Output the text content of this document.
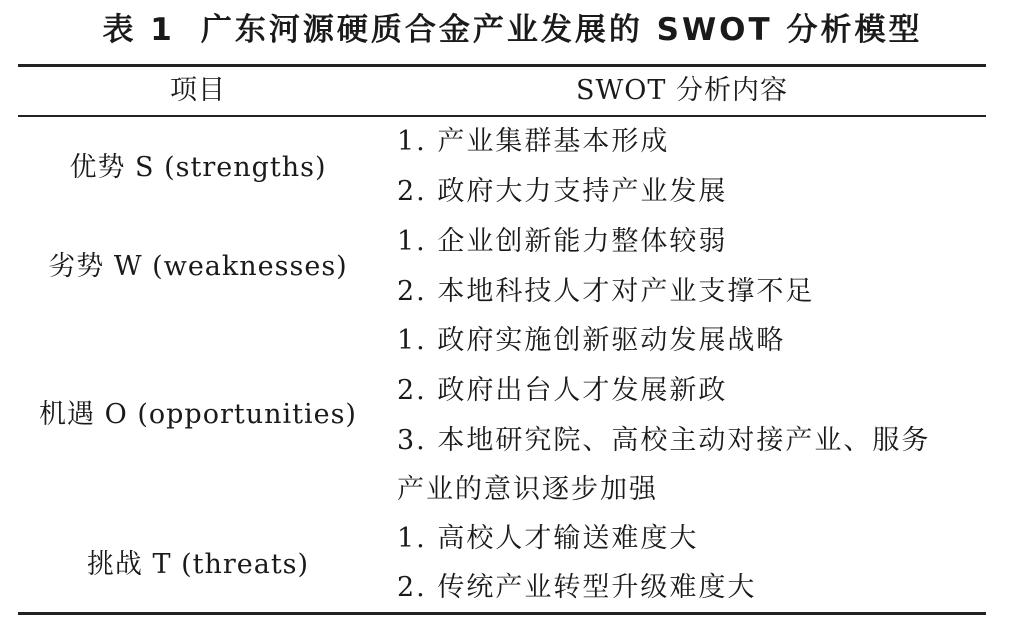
表 1 广东河源硬质合金产业发展的 SWOT 分析模型
项目	SWOT 分析内容
优势 S (strengths)
1. 产业集群基本形成
2. 政府大力支持产业发展
劣势 W (weaknesses)
1. 企业创新能力整体较弱
2. 本地科技人才对产业支撑不足
机遇 O (opportunities)
1. 政府实施创新驱动发展战略
2. 政府出台人才发展新政
3. 本地研究院、高校主动对接产业、服务
产业的意识逐步加强
挑战 T (threats)
1. 高校人才输送难度大
2. 传统产业转型升级难度大
